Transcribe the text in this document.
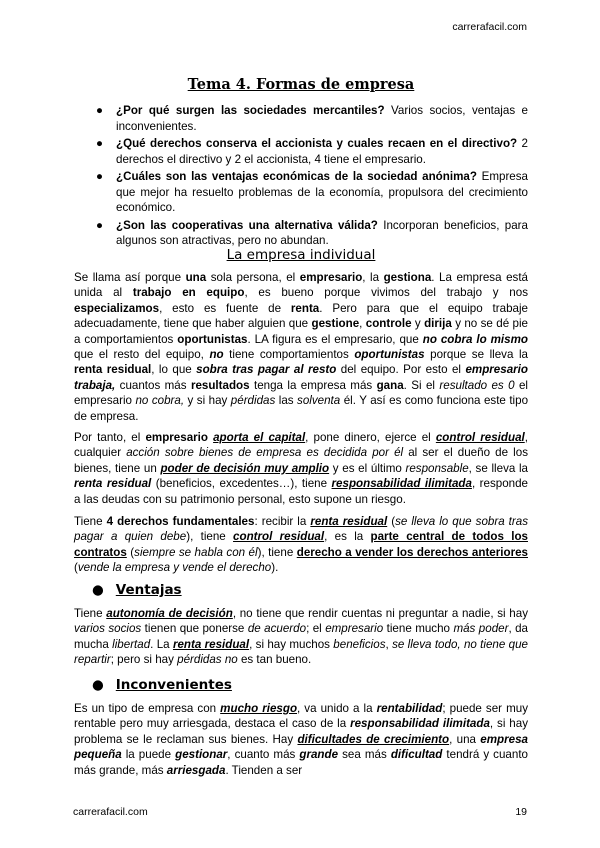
carrerafacil.com
Tema 4. Formas de empresa
● ¿Por qué surgen las sociedades mercantiles? Varios socios, ventajas e inconvenientes.
● ¿Qué derechos conserva el accionista y cuales recaen en el directivo? 2 derechos el directivo y 2 el accionista, 4 tiene el empresario.
● ¿Cuáles son las ventajas económicas de la sociedad anónima? Empresa que mejor ha resuelto problemas de la economía, propulsora del crecimiento económico.
● ¿Son las cooperativas una alternativa válida? Incorporan beneficios, para algunos son atractivas, pero no abundan.
La empresa individual
Se llama así porque una sola persona, el empresario, la gestiona. La empresa está unida al trabajo en equipo, es bueno porque vivimos del trabajo y nos especializamos, esto es fuente de renta. Pero para que el equipo trabaje adecuadamente, tiene que haber alguien que gestione, controle y dirija y no se dé pie a comportamientos oportunistas. LA figura es el empresario, que no cobra lo mismo que el resto del equipo, no tiene comportamientos oportunistas porque se lleva la renta residual, lo que sobra tras pagar al resto del equipo. Por esto el empresario trabaja, cuantos más resultados tenga la empresa más gana. Si el resultado es 0 el empresario no cobra, y si hay pérdidas las solventa él. Y así es como funciona este tipo de empresa.
Por tanto, el empresario aporta el capital, pone dinero, ejerce el control residual, cualquier acción sobre bienes de empresa es decidida por él al ser el dueño de los bienes, tiene un poder de decisión muy amplio y es el último responsable, se lleva la renta residual (beneficios, excedentes…), tiene responsabilidad ilimitada, responde a las deudas con su patrimonio personal, esto supone un riesgo.
Tiene 4 derechos fundamentales: recibir la renta residual (se lleva lo que sobra tras pagar a quien debe), tiene control residual, es la parte central de todos los contratos (siempre se habla con él), tiene derecho a vender los derechos anteriores (vende la empresa y vende el derecho).
● Ventajas
Tiene autonomía de decisión, no tiene que rendir cuentas ni preguntar a nadie, si hay varios socios tienen que ponerse de acuerdo; el empresario tiene mucho más poder, da mucha libertad. La renta residual, si hay muchos beneficios, se lleva todo, no tiene que repartir; pero si hay pérdidas no es tan bueno.
● Inconvenientes
Es un tipo de empresa con mucho riesgo, va unido a la rentabilidad; puede ser muy rentable pero muy arriesgada, destaca el caso de la responsabilidad ilimitada, si hay problema se le reclaman sus bienes. Hay dificultades de crecimiento, una empresa pequeña la puede gestionar, cuanto más grande sea más dificultad tendrá y cuanto más grande, más arriesgada. Tienden a ser
carrerafacil.com	19
